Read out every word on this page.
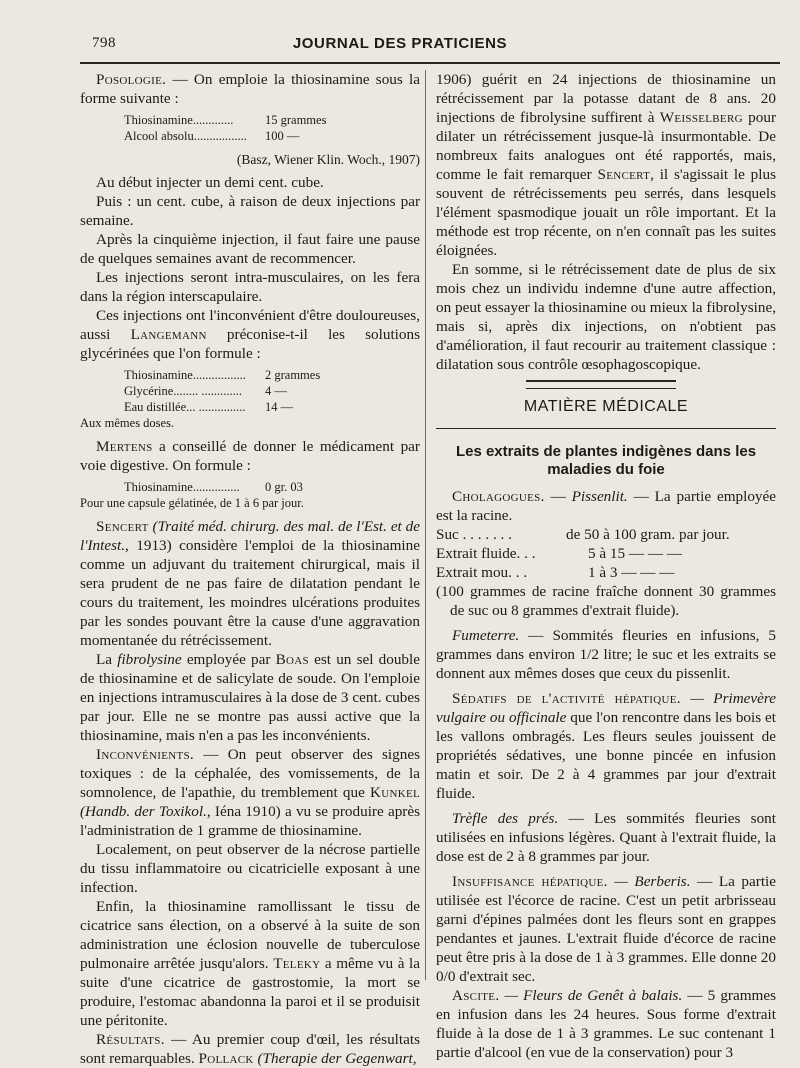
798	JOURNAL DES PRATICIENS

Posologie. — On emploie la thiosinamine sous la forme suivante :

Thiosinamine.............	15 grammes
Alcool absolu.................	100 —
(Basz, Wiener Klin. Woch., 1907)

Au début injecter un demi cent. cube.

Puis : un cent. cube, à raison de deux injections par semaine.

Après la cinquième injection, il faut faire une pause de quelques semaines avant de recommencer.

Les injections seront intra-musculaires, on les fera dans la région interscapulaire.

Ces injections ont l'inconvénient d'être douloureuses, aussi Langemann préconise-t-il les solutions glycérinées que l'on formule :

Thiosinamine.................	2 grammes
Glycérine........ .............	4 —
Eau distillée... ...............	14 —
Aux mêmes doses.

Mertens a conseillé de donner le médicament par voie digestive. On formule :

Thiosinamine...............	0 gr. 03
Pour une capsule gélatinée, de 1 à 6 par jour.

Sencert (Traité méd. chirurg. des mal. de l'Est. et de l'Intest., 1913) considère l'emploi de la thiosinamine comme un adjuvant du traitement chirurgical, mais il sera prudent de ne pas faire de dilatation pendant le cours du traitement, les moindres ulcérations produites par les sondes pouvant être la cause d'une aggravation momentanée du rétrécissement.

La fibrolysine employée par Boas est un sel double de thiosinamine et de salicylate de soude. On l'emploie en injections intramusculaires à la dose de 3 cent. cubes par jour. Elle ne se montre pas aussi active que la thiosinamine, mais n'en a pas les inconvénients.

Inconvénients. — On peut observer des signes toxiques : de la céphalée, des vomissements, de la somnolence, de l'apathie, du tremblement que Kunkel (Handb. der Toxikol., Iéna 1910) a vu se produire après l'administration de 1 gramme de thiosinamine.

Localement, on peut observer de la nécrose partielle du tissu inflammatoire ou cicatricielle exposant à une infection.

Enfin, la thiosinamine ramollissant le tissu de cicatrice sans élection, on a observé à la suite de son administration une éclosion nouvelle de tuberculose pulmonaire arrêtée jusqu'alors. Teleky a même vu à la suite d'une cicatrice de gastrostomie, la mort se produire, l'estomac abandonna la paroi et il se produisit une péritonite.

Résultats. — Au premier coup d'œil, les résultats sont remarquables. Pollack (Therapie der Gegenwart,

1906) guérit en 24 injections de thiosinamine un rétrécissement par la potasse datant de 8 ans. 20 injections de fibrolysine suffirent à Weisselberg pour dilater un rétrécissement jusque-là insurmontable. De nombreux faits analogues ont été rapportés, mais, comme le fait remarquer Sencert, il s'agissait le plus souvent de rétrécissements peu serrés, dans lesquels l'élément spasmodique jouait un rôle important. Et la méthode est trop récente, on n'en connaît pas les suites éloignées.

En somme, si le rétrécissement date de plus de six mois chez un individu indemne d'une autre affection, on peut essayer la thiosinamine ou mieux la fibrolysine, mais si, après dix injections, on n'obtient pas d'amélioration, il faut recourir au traitement classique : dilatation sous contrôle œsophagoscopique.

MATIÈRE MÉDICALE
Les extraits de plantes indigènes dans les maladies du foie

Cholagogues. — Pissenlit. — La partie employée est la racine.

Suc . . . . . . .	de 50 à 100 gram. par jour.
Extrait fluide. . .	5 à 15 — — —
Extrait mou. . .	1 à 3 — — —

(100 grammes de racine fraîche donnent 30 grammes de suc ou 8 grammes d'extrait fluide).

Fumeterre. — Sommités fleuries en infusions, 5 grammes dans environ 1/2 litre; le suc et les extraits se donnent aux mêmes doses que ceux du pissenlit.

Sédatifs de l'activité hépatique. — Primevère vulgaire ou officinale que l'on rencontre dans les bois et les vallons ombragés. Les fleurs seules jouissent de propriétés sédatives, une bonne pincée en infusion matin et soir. De 2 à 4 grammes par jour d'extrait fluide.

Trèfle des prés. — Les sommités fleuries sont utilisées en infusions légères. Quant à l'extrait fluide, la dose est de 2 à 8 grammes par jour.

Insuffisance hépatique. — Berberis. — La partie utilisée est l'écorce de racine. C'est un petit arbrisseau garni d'épines palmées dont les fleurs sont en grappes pendantes et jaunes. L'extrait fluide d'écorce de racine peut être pris à la dose de 1 à 3 grammes. Elle donne 20 0/0 d'extrait sec.

Ascite. — Fleurs de Genêt à balais. — 5 grammes en infusion dans les 24 heures. Sous forme d'extrait fluide à la dose de 1 à 3 grammes. Le suc contenant 1 partie d'alcool (en vue de la conservation) pour 3
